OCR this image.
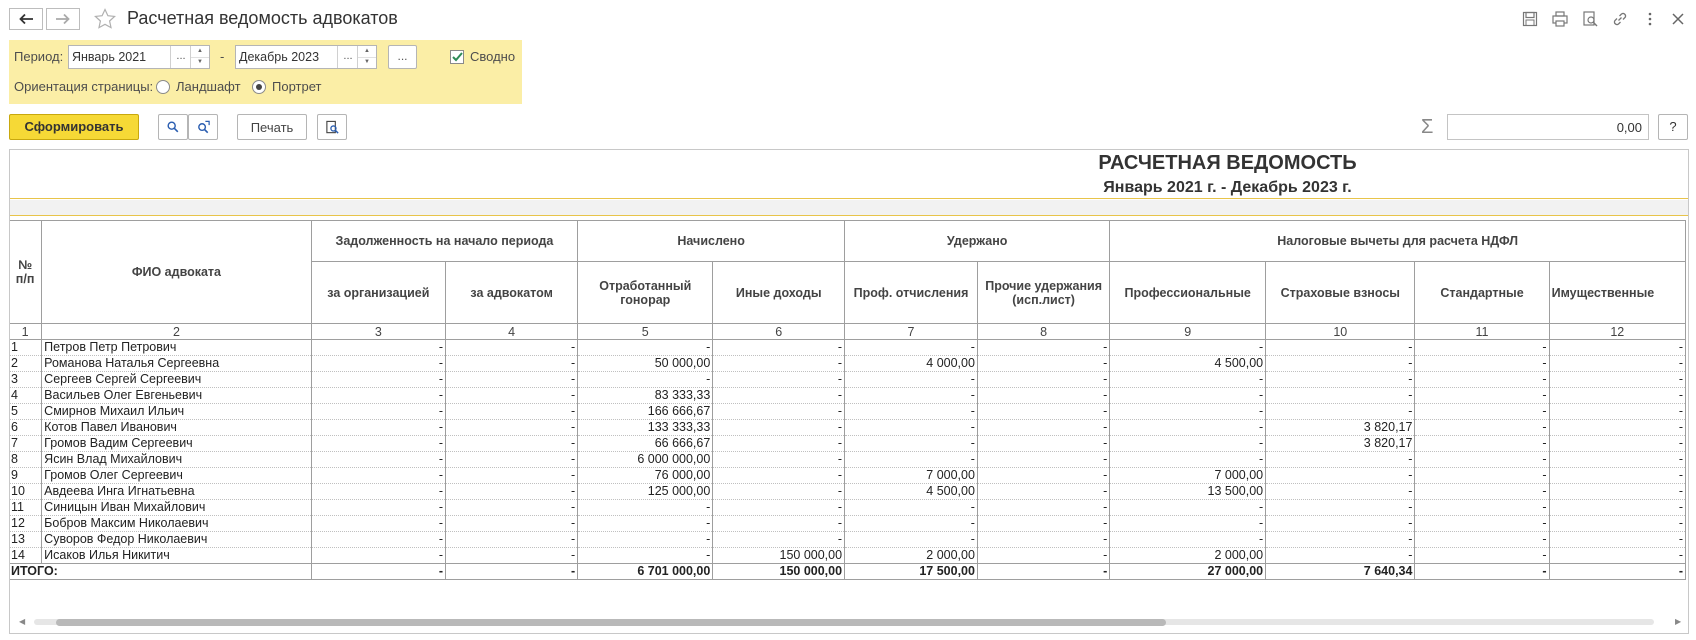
Расчетная ведомость адвокатов
Период: Январь 2021	...	▲
▼	- Декабрь 2023	...	▲
▼	...	Сводно
Ориентация страницы: Ландшафт Портрет
Сформировать	Печать	Σ	0,00	?
РАСЧЕТНАЯ ВЕДОМОСТЬ
Январь 2021 г. - Декабрь 2023 г.
№ п/п	ФИО адвоката	Задолженность на начало периода		Начислено		Удержано		Налоговые вычеты для расчета НДФЛ			
		за организацией	за адвокатом	Отработанный гонорар	Иные доходы	Проф. отчисления	Прочие удержания (исп.лист)	Профессиональные	Страховые взносы	Стандартные	Имущественные
1	2	3	4	5	6	7	8	9	10	11	12
1	Петров Петр Петрович	-	-	-	-	-	-	-	-	-	-
2	Романова Наталья Сергеевна	-	-	50 000,00	-	4 000,00	-	4 500,00	-	-	-
3	Сергеев Сергей Сергеевич	-	-	-	-	-	-	-	-	-	-
4	Васильев Олег Евгеньевич	-	-	83 333,33	-	-	-	-	-	-	-
5	Смирнов Михаил Ильич	-	-	166 666,67	-	-	-	-	-	-	-
6	Котов Павел Иванович	-	-	133 333,33	-	-	-	-	3 820,17	-	-
7	Громов Вадим Сергеевич	-	-	66 666,67	-	-	-	-	3 820,17	-	-
8	Ясин Влад Михайлович	-	-	6 000 000,00	-	-	-	-	-	-	-
9	Громов Олег Сергеевич	-	-	76 000,00	-	7 000,00	-	7 000,00	-	-	-
10	Авдеева Инга Игнатьевна	-	-	125 000,00	-	4 500,00	-	13 500,00	-	-	-
11	Синицын Иван Михайлович	-	-	-	-	-	-	-	-	-	-
12	Бобров Максим Николаевич	-	-	-	-	-	-	-	-	-	-
13	Суворов Федор Николаевич	-	-	-	-	-	-	-	-	-	-
14	Исаков Илья Никитич	-	-	-	150 000,00	2 000,00	-	2 000,00	-	-	-
ИТОГО:		-	-	6 701 000,00	150 000,00	17 500,00	-	27 000,00	7 640,34	-	-
◀	▶
